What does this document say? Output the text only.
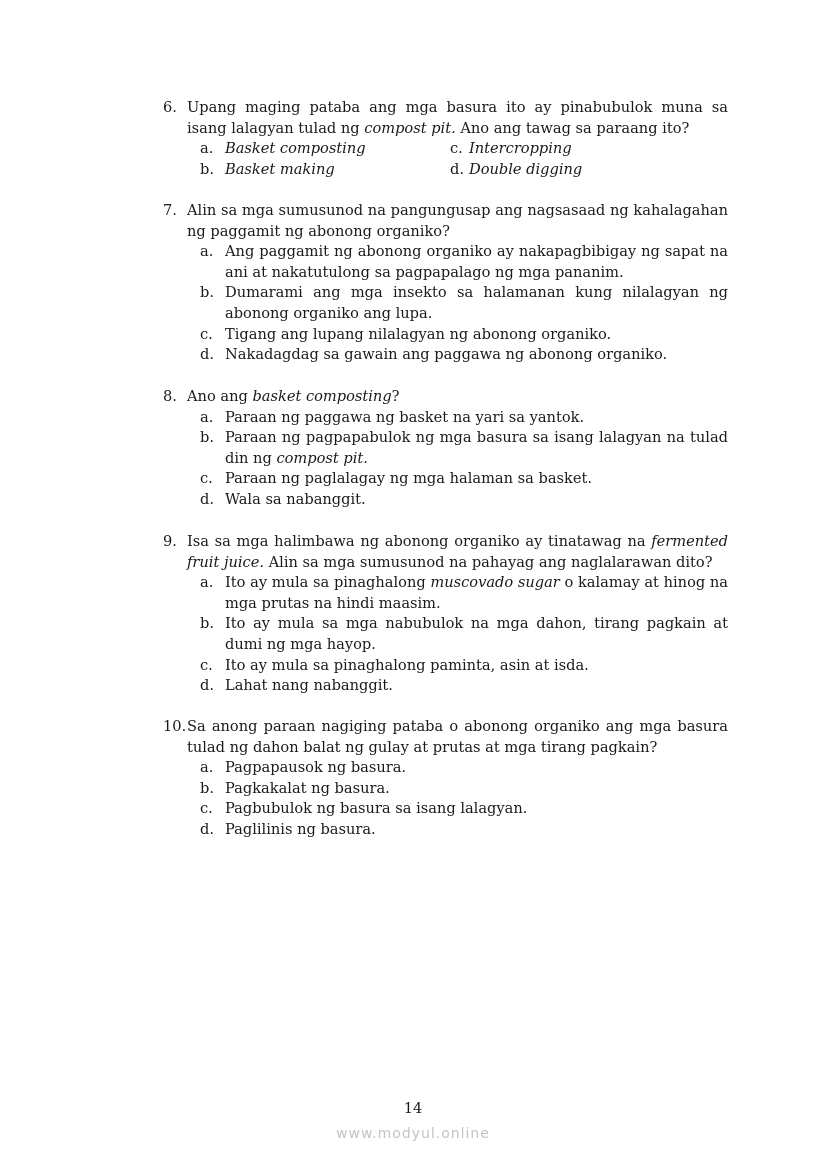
6. Upang maging pataba ang mga basura ito ay pinabubulok muna sa isang lalagyan tulad ng compost pit. Ano ang tawag sa paraang ito?
a. Basket composting	c. Intercropping
b. Basket making	d. Double digging
7. Alin sa mga sumusunod na pangungusap ang nagsasaad ng kahalagahan ng paggamit ng abonong organiko?
a. Ang paggamit ng abonong organiko ay nakapagbibigay ng sapat na ani at nakatutulong sa pagpapalago ng mga pananim.
b. Dumarami ang mga insekto sa halamanan kung nilalagyan ng abonong organiko ang lupa.
c. Tigang ang lupang nilalagyan ng abonong organiko.
d. Nakadagdag sa gawain ang paggawa ng abonong organiko.
8. Ano ang basket composting?
a. Paraan ng paggawa ng basket na yari sa yantok.
b. Paraan ng pagpapabulok ng mga basura sa isang lalagyan na tulad din ng compost pit.
c. Paraan ng paglalagay ng mga halaman sa basket.
d. Wala sa nabanggit.
9. Isa sa mga halimbawa ng abonong organiko ay tinatawag na fermented fruit juice. Alin sa mga sumusunod na pahayag ang naglalarawan dito?
a. Ito ay mula sa pinaghalong muscovado sugar o kalamay at hinog na mga prutas na hindi maasim.
b. Ito ay mula sa mga nabubulok na mga dahon, tirang pagkain at dumi ng mga hayop.
c. Ito ay mula sa pinaghalong paminta, asin at isda.
d. Lahat nang nabanggit.
10. Sa anong paraan nagiging pataba o abonong organiko ang mga basura tulad ng dahon balat ng gulay at prutas at mga tirang pagkain?
a. Pagpapausok ng basura.
b. Pagkakalat ng basura.
c. Pagbubulok ng basura sa isang lalagyan.
d. Paglilinis ng basura.
14
www.modyul.online
